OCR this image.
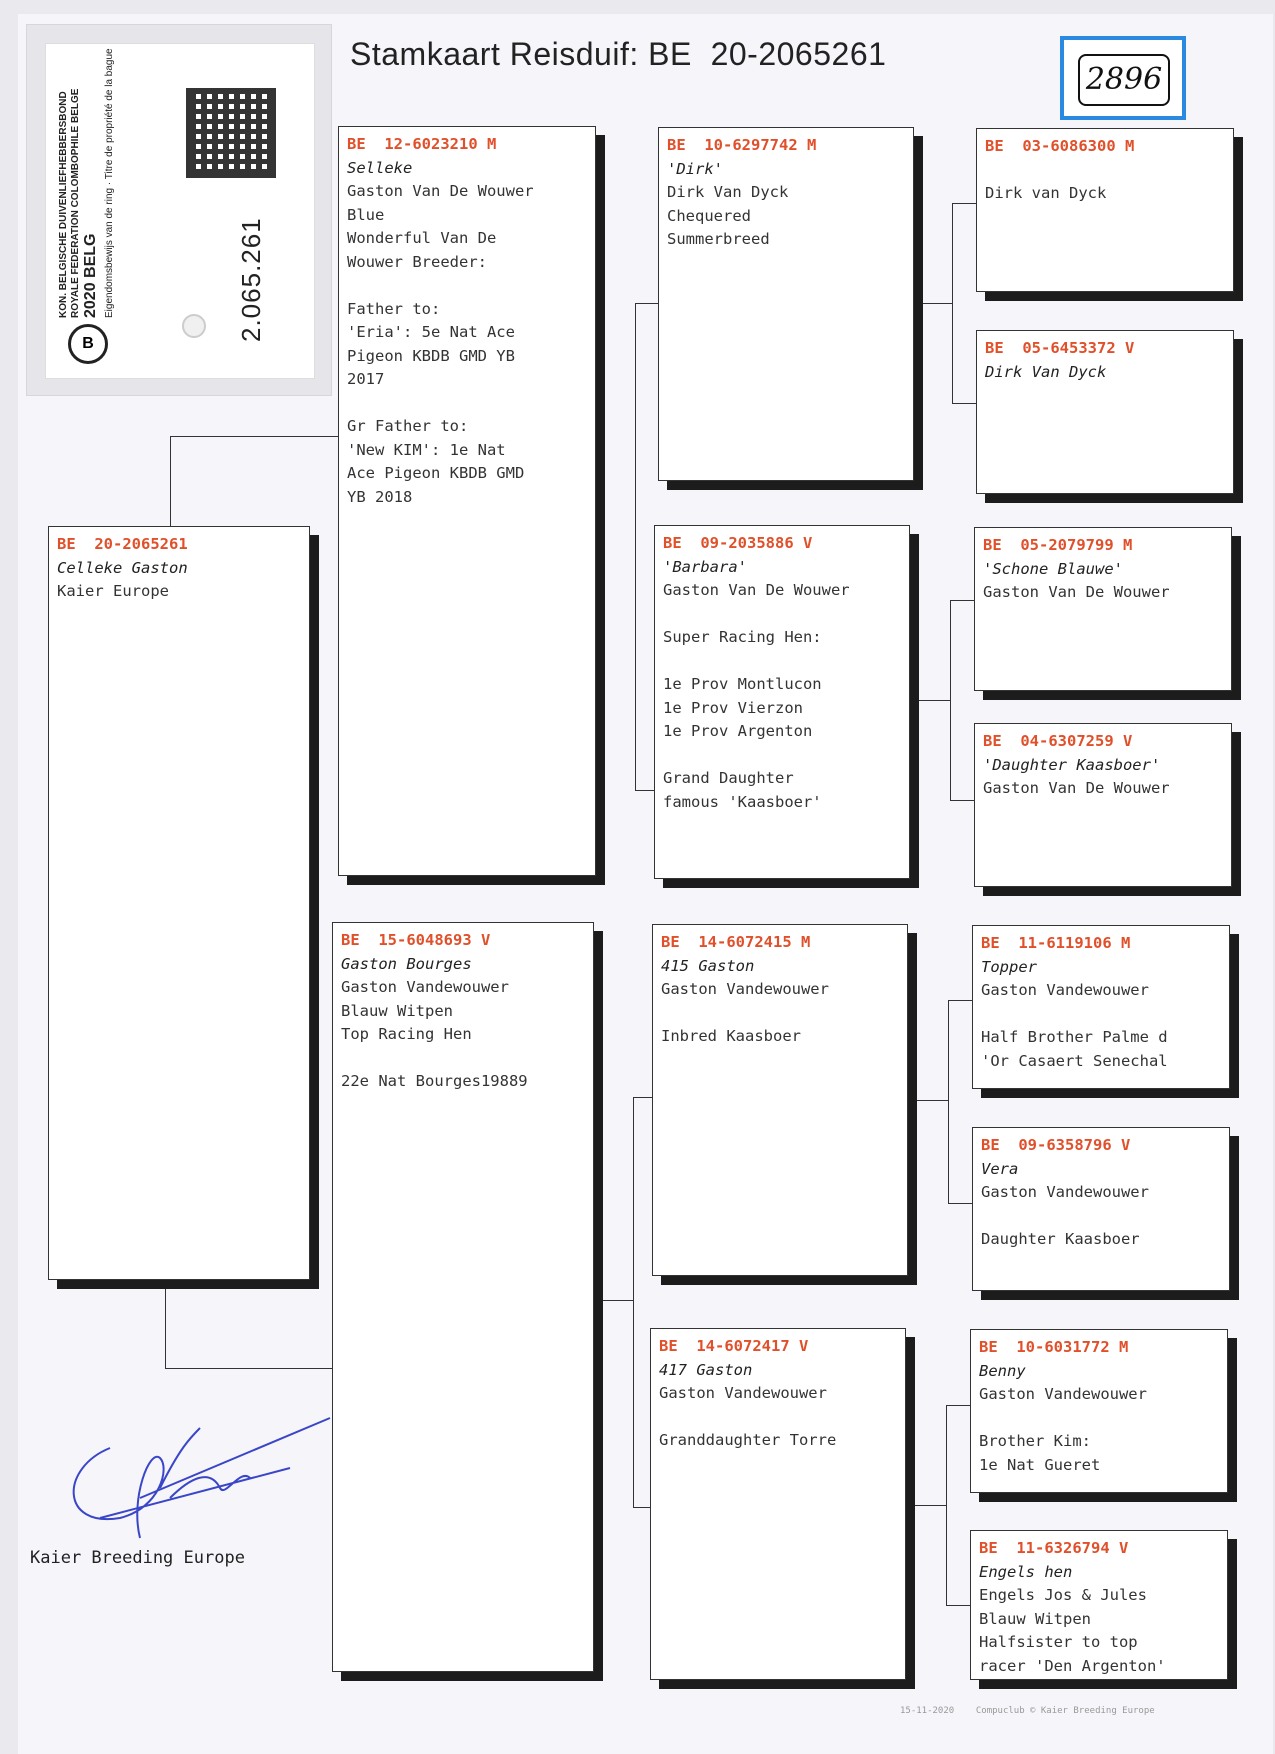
Stamkaart Reisduif: BE  20-2065261
2896
KON. BELGISCHE DUIVENLIEFHEBBERSBOND ROYALE FEDERATION COLOMBOPHILE BELGE 2020 BELG Eigendomsbewijs van de ring · Titre de propriété de la bague	2.065.261
B
BE  20-2065261
Celleke Gaston
Kaier Europe
BE  12-6023210 M
Selleke
Gaston Van De Wouwer
Blue
Wonderful Van De
Wouwer Breeder:
Father to:
'Eria': 5e Nat Ace
Pigeon KBDB GMD YB
2017
Gr Father to:
'New KIM': 1e Nat
Ace Pigeon KBDB GMD
YB 2018
BE  15-6048693 V
Gaston Bourges
Gaston Vandewouwer
Blauw Witpen
Top Racing Hen
22e Nat Bourges19889
BE  10-6297742 M
'Dirk'
Dirk Van Dyck
Chequered
Summerbreed
BE  09-2035886 V
'Barbara'
Gaston Van De Wouwer
Super Racing Hen:
1e Prov Montlucon
1e Prov Vierzon
1e Prov Argenton
Grand Daughter
famous 'Kaasboer'
BE  14-6072415 M
415 Gaston
Gaston Vandewouwer
Inbred Kaasboer
BE  14-6072417 V
417 Gaston
Gaston Vandewouwer
Granddaughter Torre
BE  03-6086300 M
Dirk van Dyck
BE  05-6453372 V
Dirk Van Dyck
BE  05-2079799 M
'Schone Blauwe'
Gaston Van De Wouwer
BE  04-6307259 V
'Daughter Kaasboer'
Gaston Van De Wouwer
BE  11-6119106 M
Topper
Gaston Vandewouwer
Half Brother Palme d
'Or Casaert Senechal
BE  09-6358796 V
Vera
Gaston Vandewouwer
Daughter Kaasboer
BE  10-6031772 M
Benny
Gaston Vandewouwer
Brother Kim:
1e Nat Gueret
BE  11-6326794 V
Engels hen
Engels Jos & Jules
Blauw Witpen
Halfsister to top
racer 'Den Argenton'
Kaier Breeding Europe
15-11-2020    Compuclub © Kaier Breeding Europe
